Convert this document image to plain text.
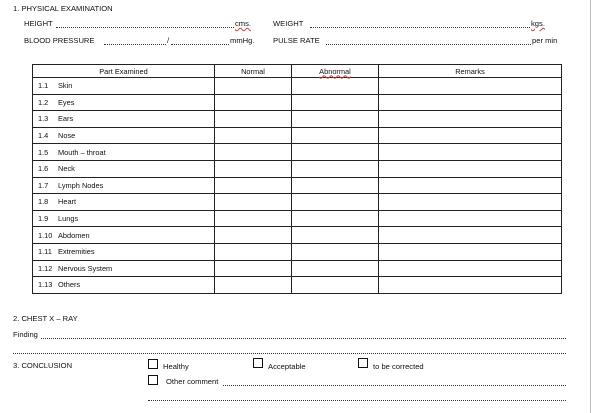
1. PHYSICAL EXAMINATION
HEIGHT	cms.	WEIGHT	kgs.
BLOOD PRESSURE	/	mmHg. PULSE RATE	per min
Part Examined	Normal	Abnormal	Remarks
1.1 Skin			
1.2 Eyes			
1.3 Ears			
1.4 Nose			
1.5 Mouth – throat			
1.6 Neck			
1.7 Lymph Nodes			
1.8 Heart			
1.9 Lungs			
1.10 Abdomen			
1.11 Extremities			
1.12 Nervous System			
1.13 Others			
2. CHEST X – RAY
Finding
3. CONCLUSION	Healthy	Acceptable	to be corrected
Other comment
